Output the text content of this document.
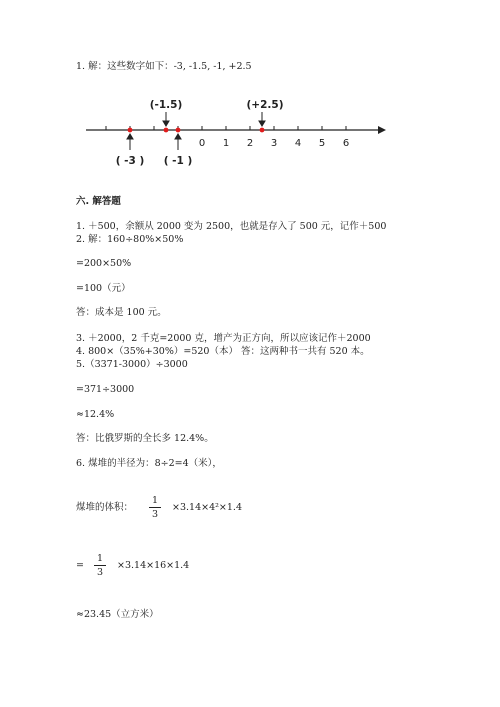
1. 解：这些数字如下：-3, -1.5, -1, +2.5
0 1 2 3 4 5 6
(-1.5)	(+2.5)
( -3 ) ( -1 )
六. 解答题
1. ＋500，余额从 2000 变为 2500，也就是存入了 500 元，记作＋500
2. 解：160÷80%×50%
=200×50%
=100（元）
答：成本是 100 元。
3. ＋2000，2 千克=2000 克，增产为正方向，所以应该记作＋2000
4. 800×（35%+30%）=520（本） 答：这两种书一共有 520 本。
5.（3371-3000）÷3000
=371÷3000
≈12.4%
答：比俄罗斯的全长多 12.4%。
6. 煤堆的半径为：8÷2=4（米），
煤堆的体积：
1
3
×3.14×4²×1.4
=
1
3
×3.14×16×1.4
≈23.45（立方米）
